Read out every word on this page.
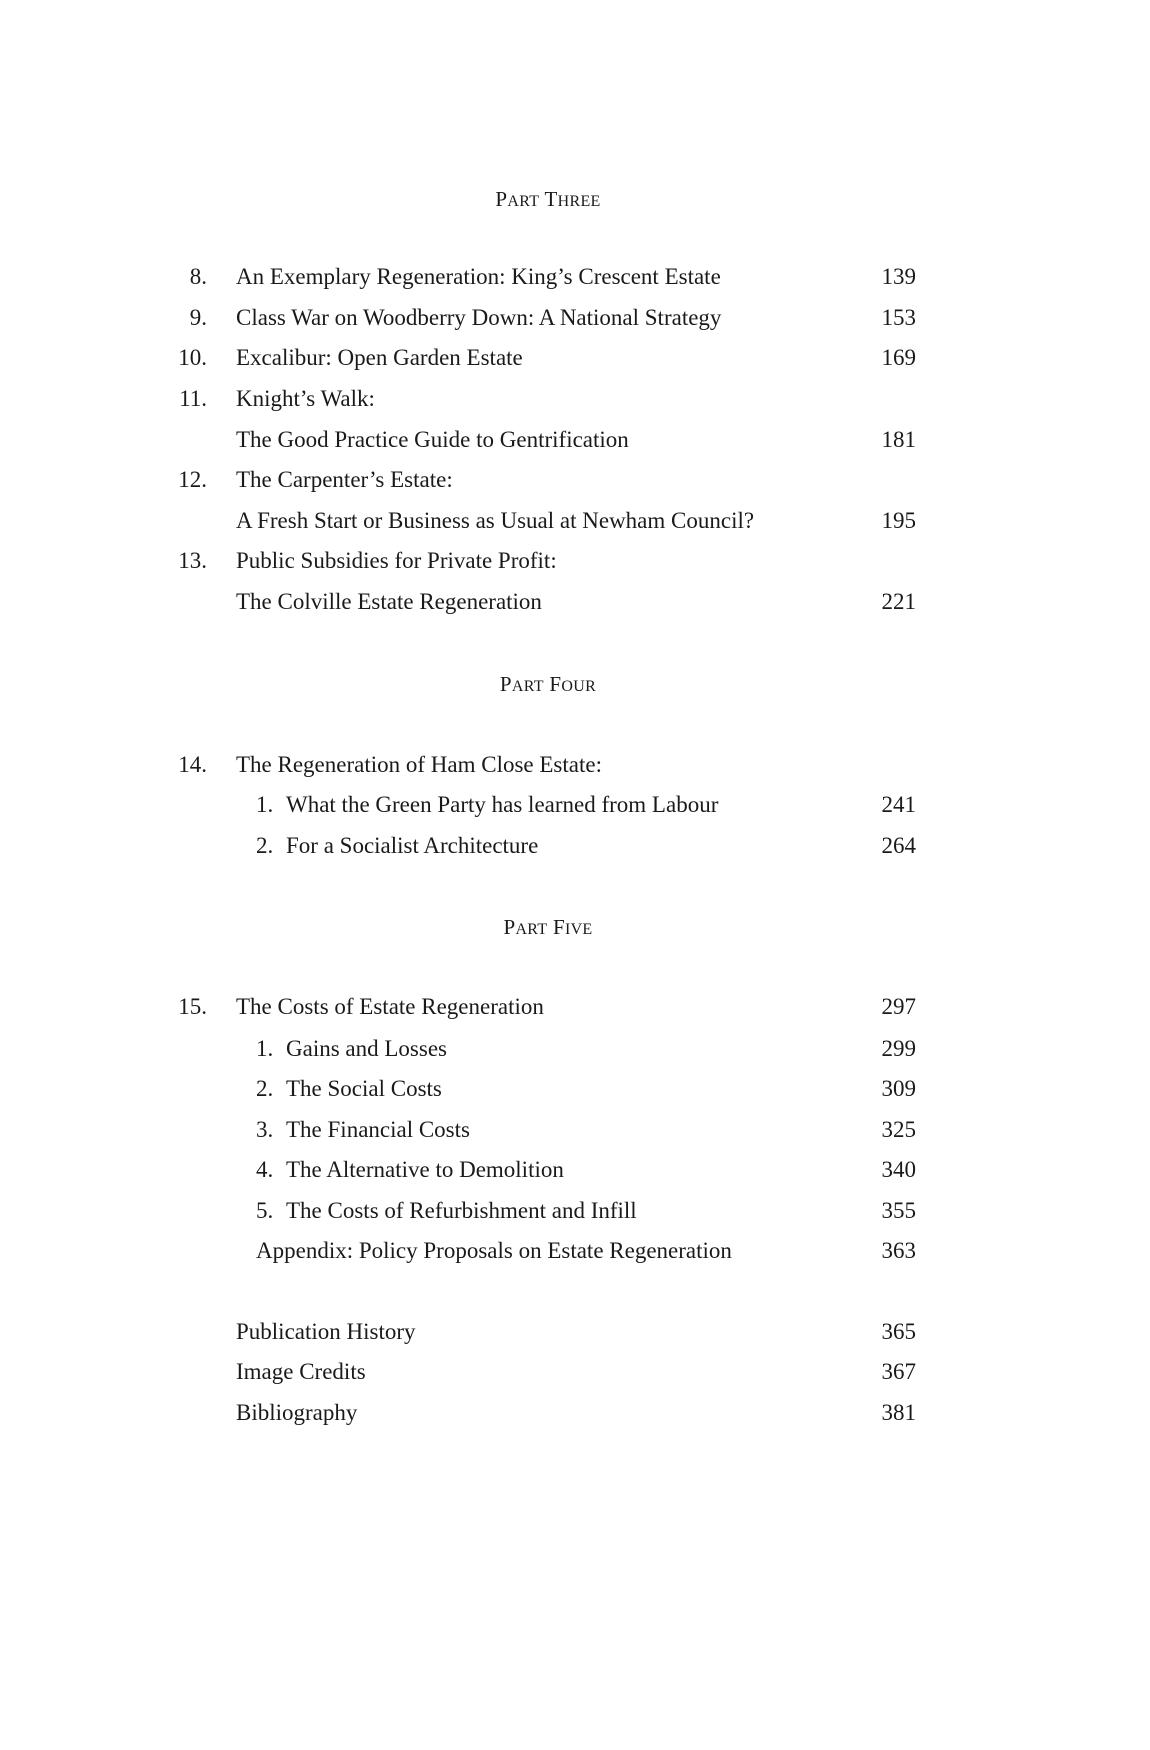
PART THREE
8. An Exemplary Regeneration: King’s Crescent Estate	139
9. Class War on Woodberry Down: A National Strategy	153
10. Excalibur: Open Garden Estate	169
11. Knight’s Walk:
The Good Practice Guide to Gentrification	181
12. The Carpenter’s Estate:
A Fresh Start or Business as Usual at Newham Council?	195
13. Public Subsidies for Private Profit:
The Colville Estate Regeneration	221
PART FOUR
14. The Regeneration of Ham Close Estate:
1. What the Green Party has learned from Labour	241
2. For a Socialist Architecture	264
PART FIVE
15. The Costs of Estate Regeneration	297
1. Gains and Losses	299
2. The Social Costs	309
3. The Financial Costs	325
4. The Alternative to Demolition	340
5. The Costs of Refurbishment and Infill	355
Appendix: Policy Proposals on Estate Regeneration	363
Publication History	365
Image Credits	367
Bibliography	381
